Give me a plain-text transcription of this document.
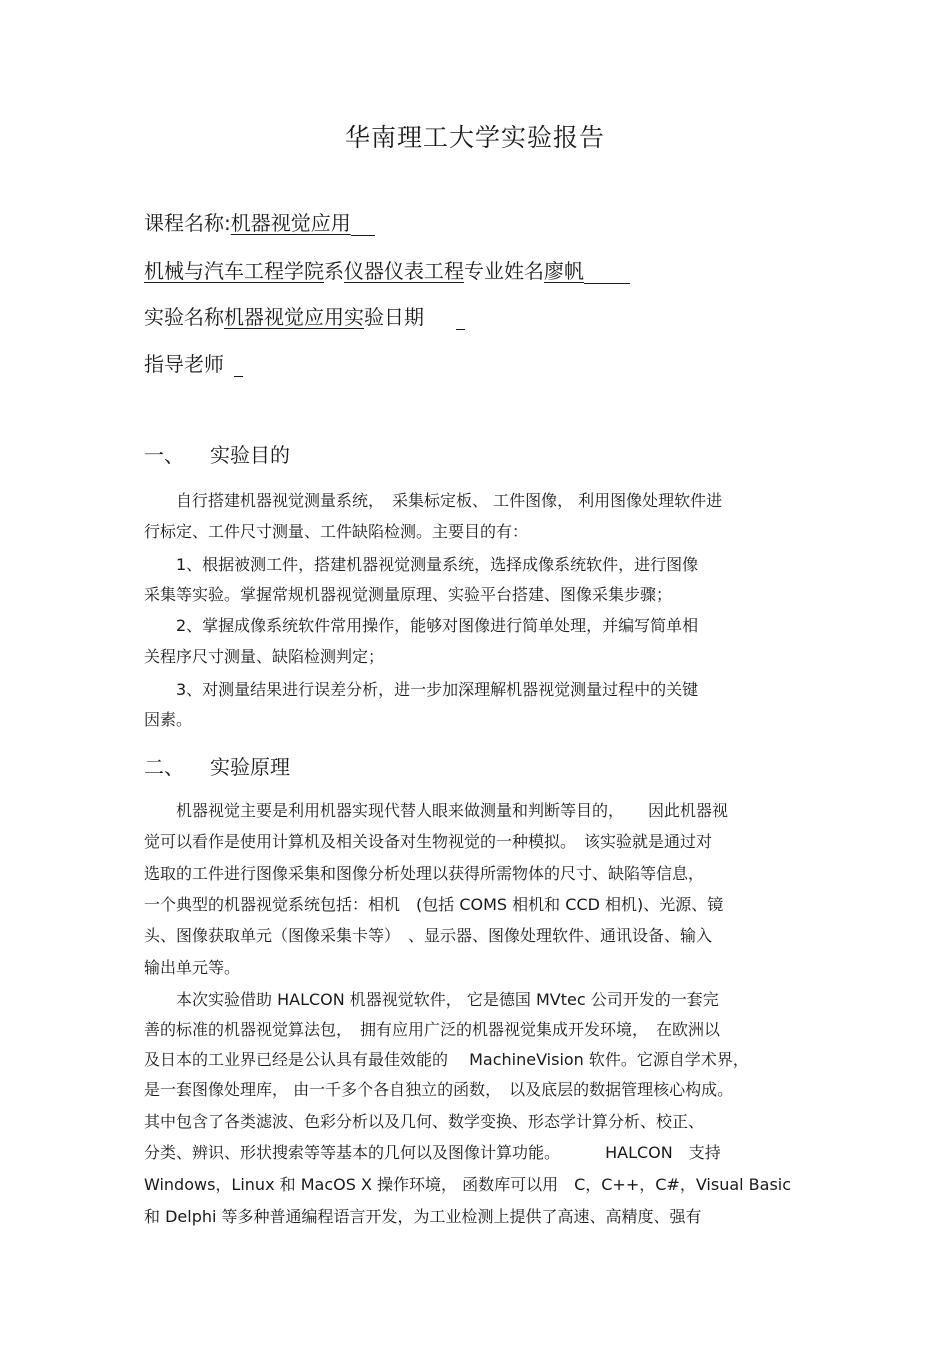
华南理工大学实验报告
课程名称:机器视觉应用
机械与汽车工程学院系仪器仪表工程专业姓名廖帆
实验名称机器视觉应用实验日期
指导老师
一、 实验目的
　　自行搭建机器视觉测量系统，　采集标定板、 工件图像， 利用图像处理软件进
行标定、工件尺寸测量、工件缺陷检测。主要目的有：
　　1、根据被测工件，搭建机器视觉测量系统，选择成像系统软件，进行图像
采集等实验。掌握常规机器视觉测量原理、实验平台搭建、图像采集步骤；
　　2、掌握成像系统软件常用操作，能够对图像进行简单处理，并编写简单相
关程序尺寸测量、缺陷检测判定；
　　3、对测量结果进行误差分析，进一步加深理解机器视觉测量过程中的关键
因素。
二、 实验原理
　　机器视觉主要是利用机器实现代替人眼来做测量和判断等目的，　　因此机器视
觉可以看作是使用计算机及相关设备对生物视觉的一种模拟。　该实验就是通过对
选取的工件进行图像采集和图像分析处理以获得所需物体的尺寸、缺陷等信息，
一个典型的机器视觉系统包括：相机　(包括 COMS 相机和 CCD 相机)、光源、镜
头、图像获取单元（图像采集卡等）　、显示器、图像处理软件、通讯设备、输入
输出单元等。
　　本次实验借助 HALCON 机器视觉软件， 它是德国 MVtec 公司开发的一套完
善的标准的机器视觉算法包，　拥有应用广泛的机器视觉集成开发环境，　在欧洲以
及日本的工业界已经是公认具有最佳效能的　 MachineVision 软件。它源自学术界，
是一套图像处理库， 由一千多个各自独立的函数，　以及底层的数据管理核心构成。
其中包含了各类滤波、色彩分析以及几何、数学变换、形态学计算分析、校正、
分类、辨识、形状搜索等等基本的几何以及图像计算功能。　　　 HALCON　支持
Windows，Linux 和 MacOS X 操作环境， 函数库可以用　C，C++，C#，Visual Basic
和 Delphi 等多种普通编程语言开发，为工业检测上提供了高速、高精度、强有
